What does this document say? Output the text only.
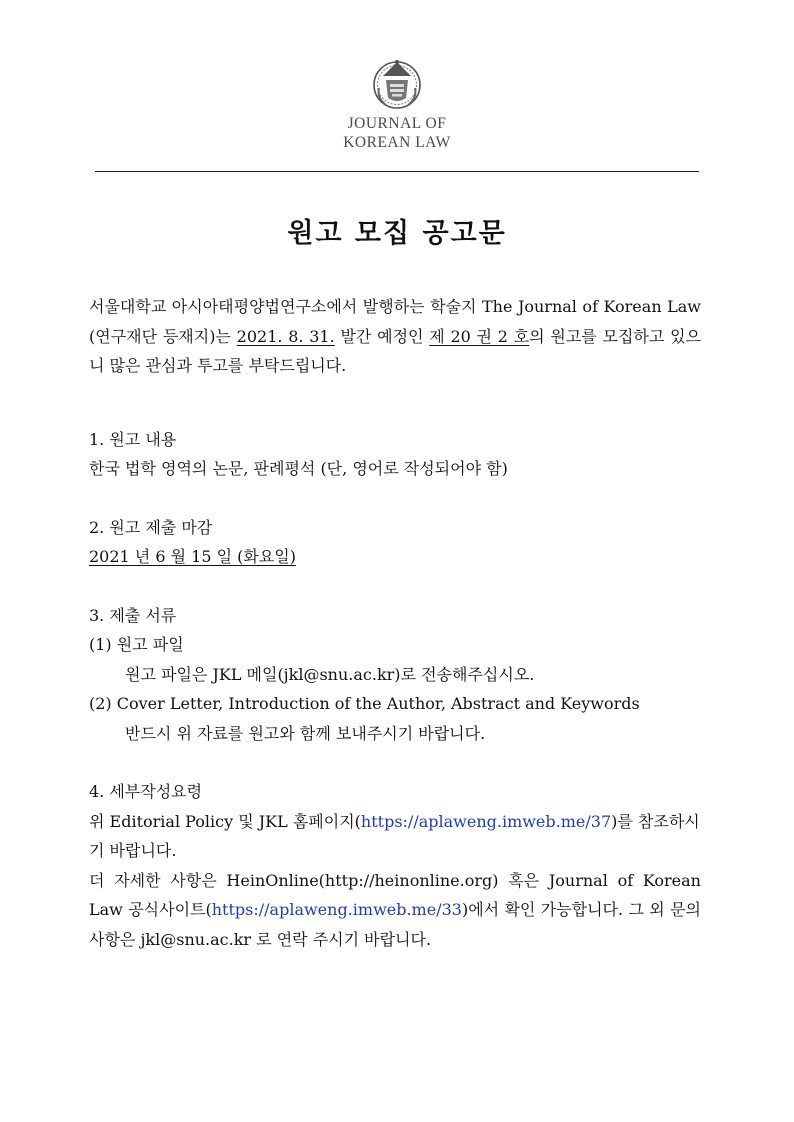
JOURNAL OF
KOREAN LAW
원고 모집 공고문

서울대학교 아시아태평양법연구소에서 발행하는 학술지 The Journal of Korean Law (연구재단 등재지)는 2021. 8. 31. 발간 예정인 제 20 권 2 호의 원고를 모집하고 있으니 많은 관심과 투고를 부탁드립니다.

1. 원고 내용
한국 법학 영역의 논문, 판례평석 (단, 영어로 작성되어야 함)
2. 원고 제출 마감
2021 년 6 월 15 일 (화요일)
3. 제출 서류
(1) 원고 파일
원고 파일은 JKL 메일(jkl@snu.ac.kr)로 전송해주십시오.
(2) Cover Letter, Introduction of the Author, Abstract and Keywords
반드시 위 자료를 원고와 함께 보내주시기 바랍니다.
4. 세부작성요령

위 Editorial Policy 및 JKL 홈페이지(https://aplaweng.imweb.me/37)를 참조하시기 바랍니다.

더 자세한 사항은 HeinOnline(http://heinonline.org) 혹은 Journal of Korean Law 공식사이트(https://aplaweng.imweb.me/33)에서 확인 가능합니다. 그 외 문의사항은 jkl@snu.ac.kr 로 연락 주시기 바랍니다.
